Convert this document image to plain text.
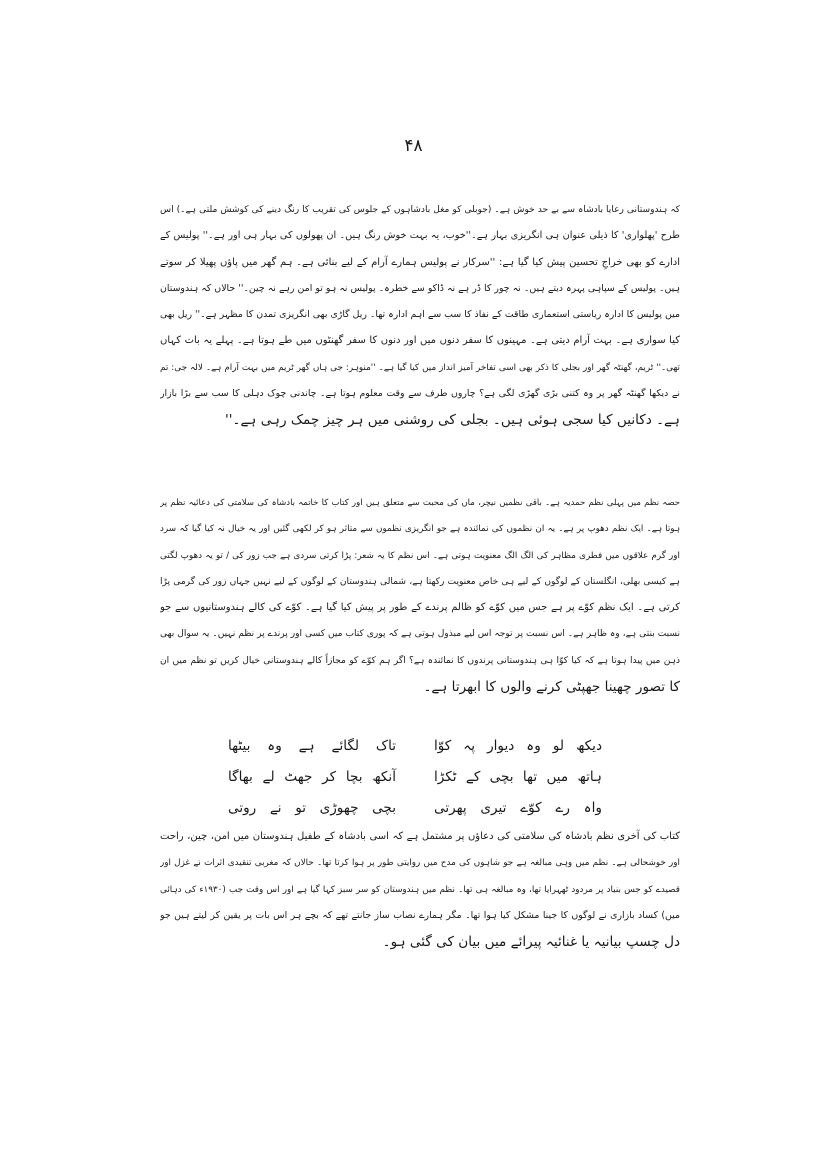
۴۸
کہ ہندوستانی رعایا بادشاہ سے بے حد خوش ہے۔ (جوبلی کو مغل بادشاہوں کے جلوس کی تقریب کا رنگ دینے کی کوشش ملتی ہے۔) اس
طرح 'پھلواری' کا ذیلی عنوان ہی انگریزی بہار ہے۔''خوب، یہ بہت خوش رنگ ہیں۔ ان پھولوں کی بہار ہی اور ہے۔'' پولیس کے
ادارے کو بھی خراجِ تحسین پیش کیا گیا ہے: ''سرکار نے پولیس ہمارے آرام کے لیے بنائی ہے۔ ہم گھر میں پاؤں پھیلا کر سوتے
ہیں۔ پولیس کے سپاہی پہرہ دیتے ہیں۔ نہ چور کا ڈر ہے نہ ڈاکو سے خطرہ۔ پولیس نہ ہو تو امن رہے نہ چین۔'' حالاں کہ ہندوستان
میں پولیس کا ادارہ ریاستی استعماری طاقت کے نفاذ کا سب سے اہم ادارہ تھا۔ ریل گاڑی بھی انگریزی تمدن کا مظہر ہے۔'' ریل بھی
کیا سواری ہے۔ بہت آرام دیتی ہے۔ مہینوں کا سفر دنوں میں اور دنوں کا سفر گھنٹوں میں طے ہوتا ہے۔ پہلے یہ بات کہاں
تھی۔'' ٹریم، گھنٹہ گھر اور بجلی کا ذکر بھی اسی تفاخر آمیز انداز میں کیا گیا ہے۔ ''منوہر: جی ہاں گھر ٹریم میں بہت آرام ہے۔ لالہ جی: تم
نے دیکھا گھنٹہ گھر پر وہ کتنی بڑی گھڑی لگی ہے؟ چاروں طرف سے وقت معلوم ہوتا ہے۔ چاندنی چوک دہلی کا سب سے بڑا بازار
ہے۔ دکانیں کیا سجی ہوئی ہیں۔ بجلی کی روشنی میں ہر چیز چمک رہی ہے۔''
حصہ نظم میں پہلی نظم حمدیہ ہے۔ باقی نظمیں نیچر، ماں کی محبت سے متعلق ہیں اور کتاب کا خاتمہ بادشاہ کی سلامتی کی دعائیہ نظم پر
ہوتا ہے۔ ایک نظم دھوپ پر ہے۔ یہ ان نظموں کی نمائندہ ہے جو انگریزی نظموں سے متاثر ہو کر لکھی گئیں اور یہ خیال نہ کیا گیا کہ سرد
اور گرم علاقوں میں فطری مظاہر کی الگ الگ معنویت ہوتی ہے۔ اس نظم کا یہ شعر: پڑا کرتی سردی ہے جب زور کی / تو یہ دھوپ لگتی
ہے کیسی بھلی، انگلستان کے لوگوں کے لیے ہی خاص معنویت رکھتا ہے، شمالی ہندوستان کے لوگوں کے لیے نہیں جہاں زور کی گرمی پڑا
کرتی ہے۔ ایک نظم کوّے پر ہے جس میں کوّے کو ظالم پرندے کے طور پر پیش کیا گیا ہے۔ کوّے کی کالے ہندوستانیوں سے جو
نسبت بنتی ہے، وہ ظاہر ہے۔ اس نسبت پر توجہ اس لیے مبذول ہوتی ہے کہ پوری کتاب میں کسی اور پرندے پر نظم نہیں۔ یہ سوال بھی
ذہن میں پیدا ہوتا ہے کہ کیا کوّا ہی ہندوستانی پرندوں کا نمائندہ ہے؟ اگر ہم کوّے کو مجازاً کالے ہندوستانی خیال کریں تو نظم میں ان
کا تصور چھینا جھپٹی کرنے والوں کا ابھرتا ہے۔
دیکھ لو وہ دیوار پہ کوّا
تاک لگائے ہے وہ بیٹھا
ہاتھ میں تھا بچی کے ٹکڑا
آنکھ بچا کر جھٹ لے بھاگا
واہ رے کوّے تیری پھرتی
بچی چھوڑی تو نے روتی
کتاب کی آخری نظم بادشاہ کی سلامتی کی دعاؤں پر مشتمل ہے کہ اسی بادشاہ کے طفیل ہندوستان میں امن، چین، راحت
اور خوشحالی ہے۔ نظم میں وہی مبالغہ ہے جو شاہوں کی مدح میں روایتی طور پر ہوا کرتا تھا۔ حالاں کہ مغربی تنقیدی اثرات نے غزل اور
قصیدے کو جس بنیاد پر مردود ٹھہرایا تھا، وہ مبالغہ ہی تھا۔ نظم میں ہندوستان کو سر سبز کہا گیا ہے اور اس وقت جب (۱۹۳۰ء کی دہائی
میں) کساد بازاری نے لوگوں کا جینا مشکل کیا ہوا تھا۔ مگر ہمارے نصاب ساز جانتے تھے کہ بچے ہر اس بات پر یقین کر لیتے ہیں جو
دل چسپ بیانیہ یا غنائیہ پیرائے میں بیان کی گئی ہو۔
